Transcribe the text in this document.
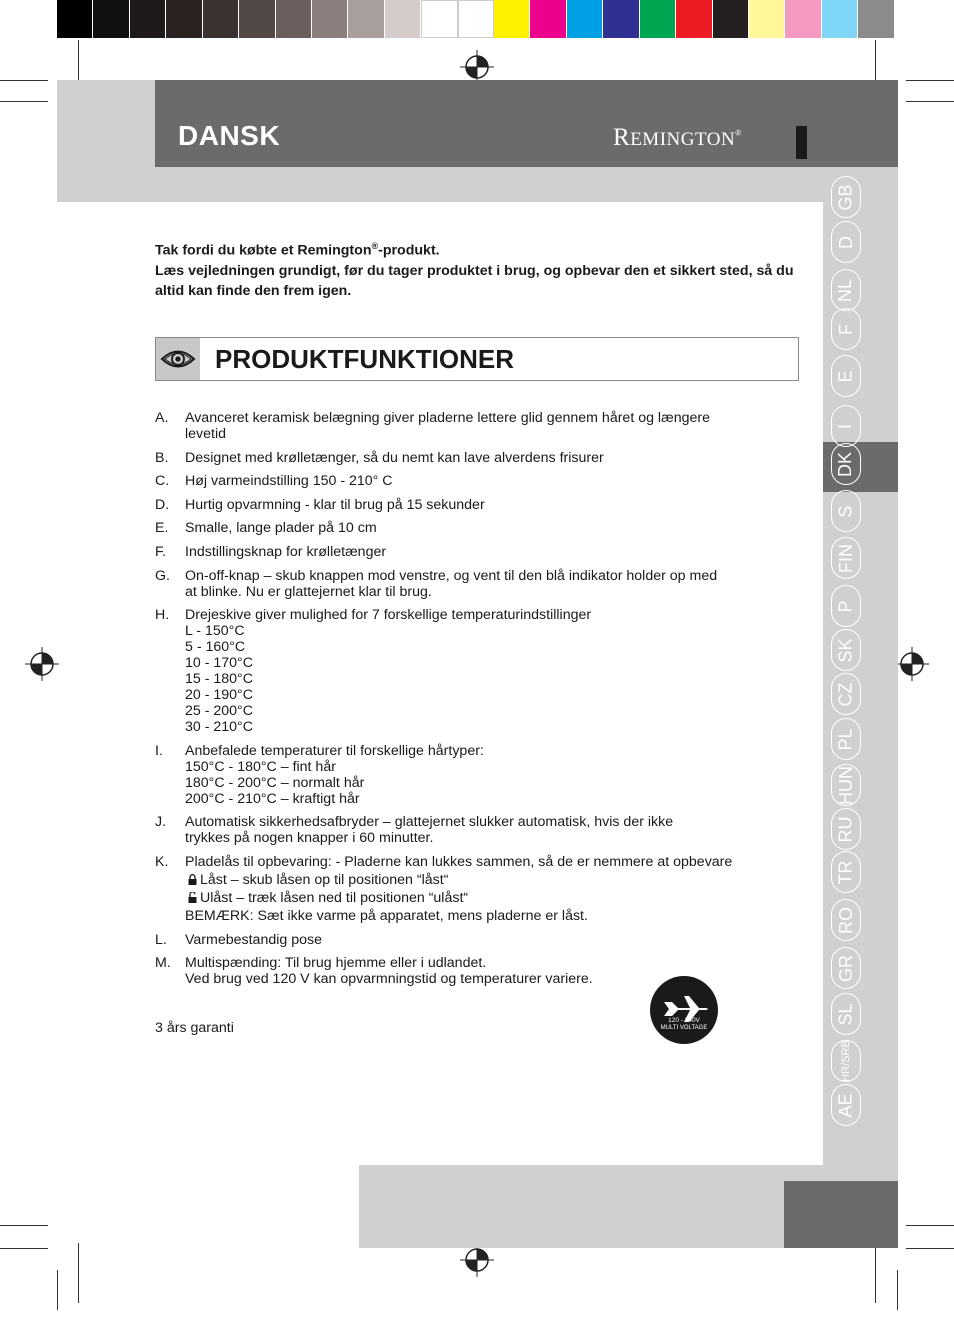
DANSK	REMINGTON®

Tak fordi du købte et Remington®-produkt.

Læs vejledningen grundigt, før du tager produktet i brug, og opbevar den et sikkert sted, så du altid kan finde den frem igen.

PRODUKTFUNKTIONER
A. Avanceret keramisk belægning giver pladerne lettere glid gennem håret og længere
levetid
B. Designet med krølletænger, så du nemt kan lave alverdens frisurer
C. Høj varmeindstilling 150 - 210° C
D. Hurtig opvarmning - klar til brug på 15 sekunder
E. Smalle, lange plader på 10 cm
F. Indstillingsknap for krølletænger
G. On-off-knap – skub knappen mod venstre, og vent til den blå indikator holder op med
at blinke. Nu er glattejernet klar til brug.
H. Drejeskive giver mulighed for 7 forskellige temperaturindstillinger
L - 150°C
5 - 160°C
10 - 170°C
15 - 180°C
20 - 190°C
25 - 200°C
30 - 210°C
I. Anbefalede temperaturer til forskellige hårtyper:
150°C - 180°C – fint hår
180°C - 200°C – normalt hår
200°C - 210°C – kraftigt hår
J. Automatisk sikkerhedsafbryder – glattejernet slukker automatisk, hvis der ikke
trykkes på nogen knapper i 60 minutter.
K. Pladelås til opbevaring: - Pladerne kan lukkes sammen, så de er nemmere at opbevare
Låst – skub låsen op til positionen “låst“
Ulåst – træk låsen ned til positionen “ulåst“
BEMÆRK: Sæt ikke varme på apparatet, mens pladerne er låst.
L. Varmebestandig pose
M. Multispænding: Til brug hjemme eller i udlandet.
Ved brug ved 120 V kan opvarmningstid og temperaturer variere.
3 års garanti	120 - 240V
MULTI VOLTAGE
GB
D
NL
F
E
I
DK
S
FIN
P
SK
CZ
PL
HUN
RU
TR
RO
GR
SL
HR/SRB
AE
